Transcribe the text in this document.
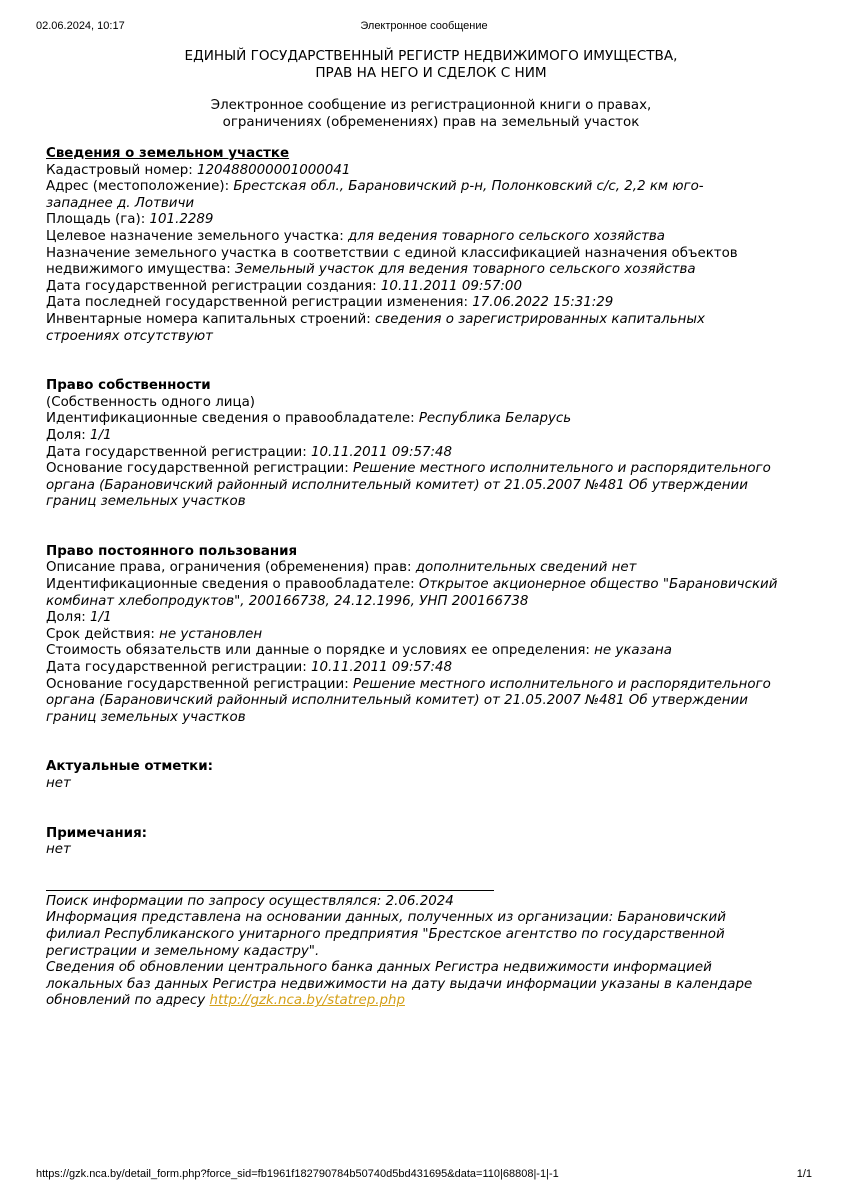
02.06.2024, 10:17	Электронное сообщение
ЕДИНЫЙ ГОСУДАРСТВЕННЫЙ РЕГИСТР НЕДВИЖИМОГО ИМУЩЕСТВА,
ПРАВ НА НЕГО И СДЕЛОК С НИМ
Электронное сообщение из регистрационной книги о правах,
ограничениях (обременениях) прав на земельный участок
Сведения о земельном участке
Кадастровый номер: 120488000001000041
Адрес (местоположение): Брестская обл., Барановичский р-н, Полонковский с/с, 2,2 км юго-
западнее д. Лотвичи
Площадь (га): 101.2289
Целевое назначение земельного участка: для ведения товарного сельского хозяйства
Назначение земельного участка в соответствии с единой классификацией назначения объектов
недвижимого имущества: Земельный участок для ведения товарного сельского хозяйства
Дата государственной регистрации создания: 10.11.2011 09:57:00
Дата последней государственной регистрации изменения: 17.06.2022 15:31:29
Инвентарные номера капитальных строений: сведения о зарегистрированных капитальных
строениях отсутствуют
Право собственности
(Собственность одного лица)
Идентификационные сведения о правообладателе: Республика Беларусь
Доля: 1/1
Дата государственной регистрации: 10.11.2011 09:57:48
Основание государственной регистрации: Решение местного исполнительного и распорядительного
органа (Барановичский районный исполнительный комитет) от 21.05.2007 №481 Об утверждении
границ земельных участков
Право постоянного пользования
Описание права, ограничения (обременения) прав: дополнительных сведений нет
Идентификационные сведения о правообладателе: Открытое акционерное общество "Барановичский
комбинат хлебопродуктов", 200166738, 24.12.1996, УНП 200166738
Доля: 1/1
Срок действия: не установлен
Стоимость обязательств или данные о порядке и условиях ее определения: не указана
Дата государственной регистрации: 10.11.2011 09:57:48
Основание государственной регистрации: Решение местного исполнительного и распорядительного
органа (Барановичский районный исполнительный комитет) от 21.05.2007 №481 Об утверждении
границ земельных участков
Актуальные отметки:
нет
Примечания:
нет
Поиск информации по запросу осуществлялся: 2.06.2024
Информация представлена на основании данных, полученных из организации: Барановичский
филиал Республиканского унитарного предприятия "Брестское агентство по государственной
регистрации и земельному кадастру".
Сведения об обновлении центрального банка данных Регистра недвижимости информацией
локальных баз данных Регистра недвижимости на дату выдачи информации указаны в календаре
обновлений по адресу http://gzk.nca.by/statrep.php
https://gzk.nca.by/detail_form.php?force_sid=fb1961f182790784b50740d5bd431695&data=110|68808|-1|-1	1/1
